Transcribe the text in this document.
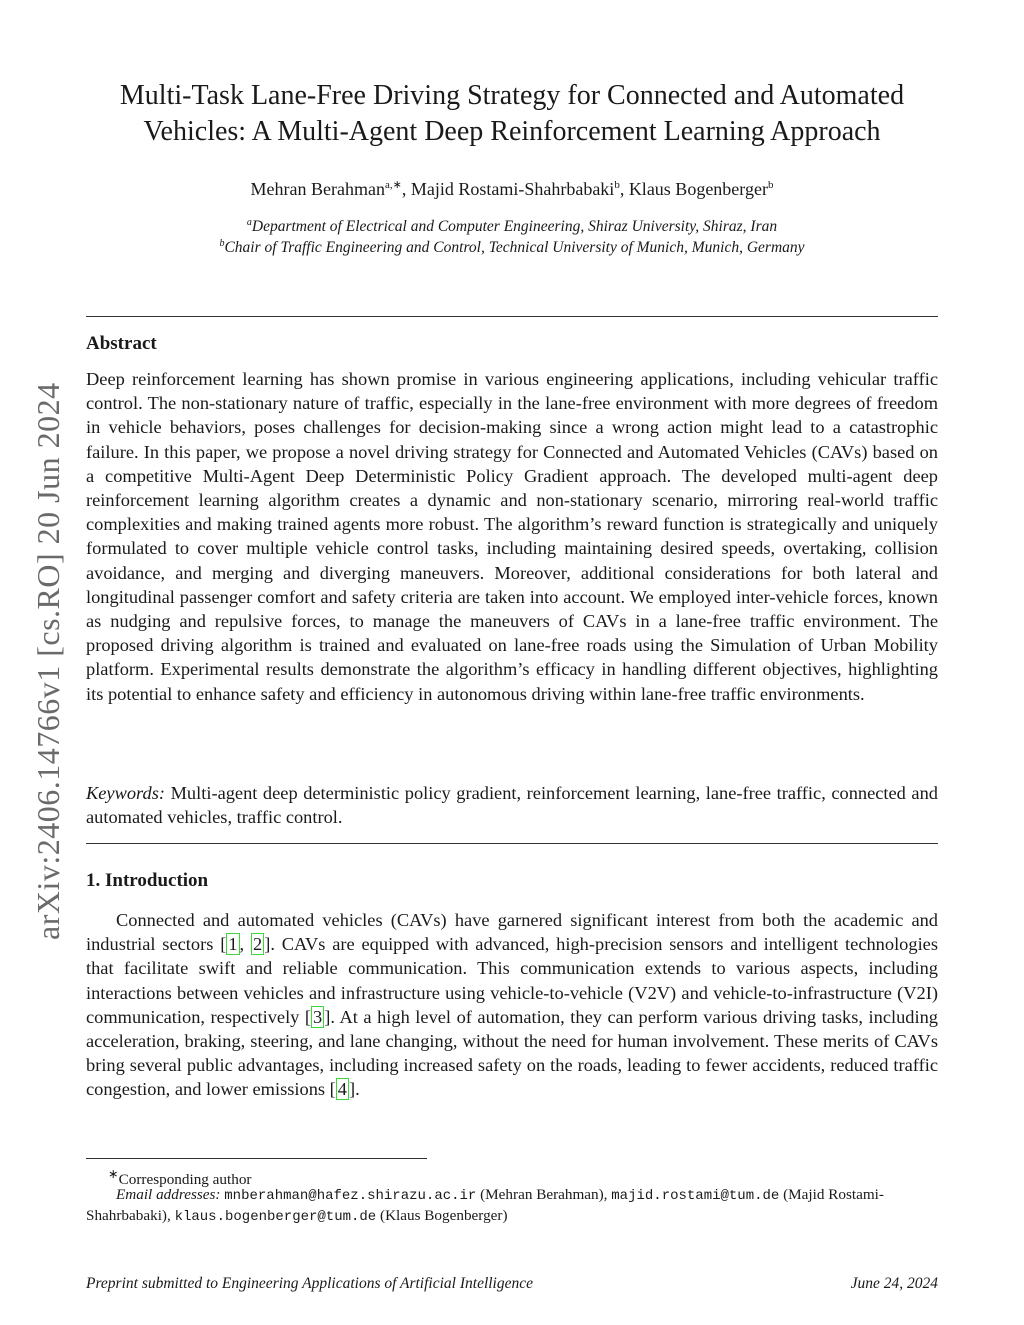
arXiv:2406.14766v1 [cs.RO] 20 Jun 2024
Multi-Task Lane-Free Driving Strategy for Connected and Automated Vehicles: A Multi-Agent Deep Reinforcement Learning Approach
Mehran Berahman$^{a,∗}$, Majid Rostami-Shahrbabaki$^b$, Klaus Bogenberger$^b$
$^a$Department of Electrical and Computer Engineering, Shiraz University, Shiraz, Iran
$^b$Chair of Traffic Engineering and Control, Technical University of Munich, Munich, Germany
Abstract

Deep reinforcement learning has shown promise in various engineering applications, including vehicular traffic control. The non-stationary nature of traffic, especially in the lane-free environment with more degrees of freedom in vehicle behaviors, poses challenges for decision-making since a wrong action might lead to a catastrophic failure. In this paper, we propose a novel driving strategy for Connected and Automated Vehicles (CAVs) based on a competitive Multi-Agent Deep Deterministic Policy Gradient approach. The developed multi-agent deep reinforcement learning algorithm creates a dynamic and non-stationary scenario, mirroring real-world traffic complexities and making trained agents more robust. The algorithm’s reward function is strategically and uniquely formulated to cover multiple vehicle control tasks, including maintaining desired speeds, overtaking, collision avoidance, and merging and diverging maneuvers. Moreover, additional considerations for both lateral and longitudinal passenger comfort and safety criteria are taken into account. We employed inter-vehicle forces, known as nudging and repulsive forces, to manage the maneuvers of CAVs in a lane-free traffic environment. The proposed driving algorithm is trained and evaluated on lane-free roads using the Simulation of Urban Mobility platform. Experimental results demonstrate the algorithm’s efficacy in handling different objectives, highlighting its potential to enhance safety and efficiency in autonomous driving within lane-free traffic environments.

Keywords: Multi-agent deep deterministic policy gradient, reinforcement learning, lane-free traffic, connected and automated vehicles, traffic control.

1. Introduction

Connected and automated vehicles (CAVs) have garnered significant interest from both the academic and industrial sectors [ 1 , 2 ]. CAVs are equipped with advanced, high-precision sensors and intelligent technologies that facilitate swift and reliable communication. This communication extends to various aspects, including interactions between vehicles and infrastructure using vehicle-to-vehicle (V2V) and vehicle-to-infrastructure (V2I) communication, respectively [ 3 ]. At a high level of automation, they can perform various driving tasks, including acceleration, braking, steering, and lane changing, without the need for human involvement. These merits of CAVs bring several public advantages, including increased safety on the roads, leading to fewer accidents, reduced traffic congestion, and lower emissions [ 4 ].

∗Corresponding author

Email addresses: mnberahman@hafez.shirazu.ac.ir (Mehran Berahman), majid.rostami@tum.de (Majid Rostami-Shahrbabaki), klaus.bogenberger@tum.de (Klaus Bogenberger)

Preprint submitted to Engineering Applications of Artificial Intelligence	June 24, 2024
